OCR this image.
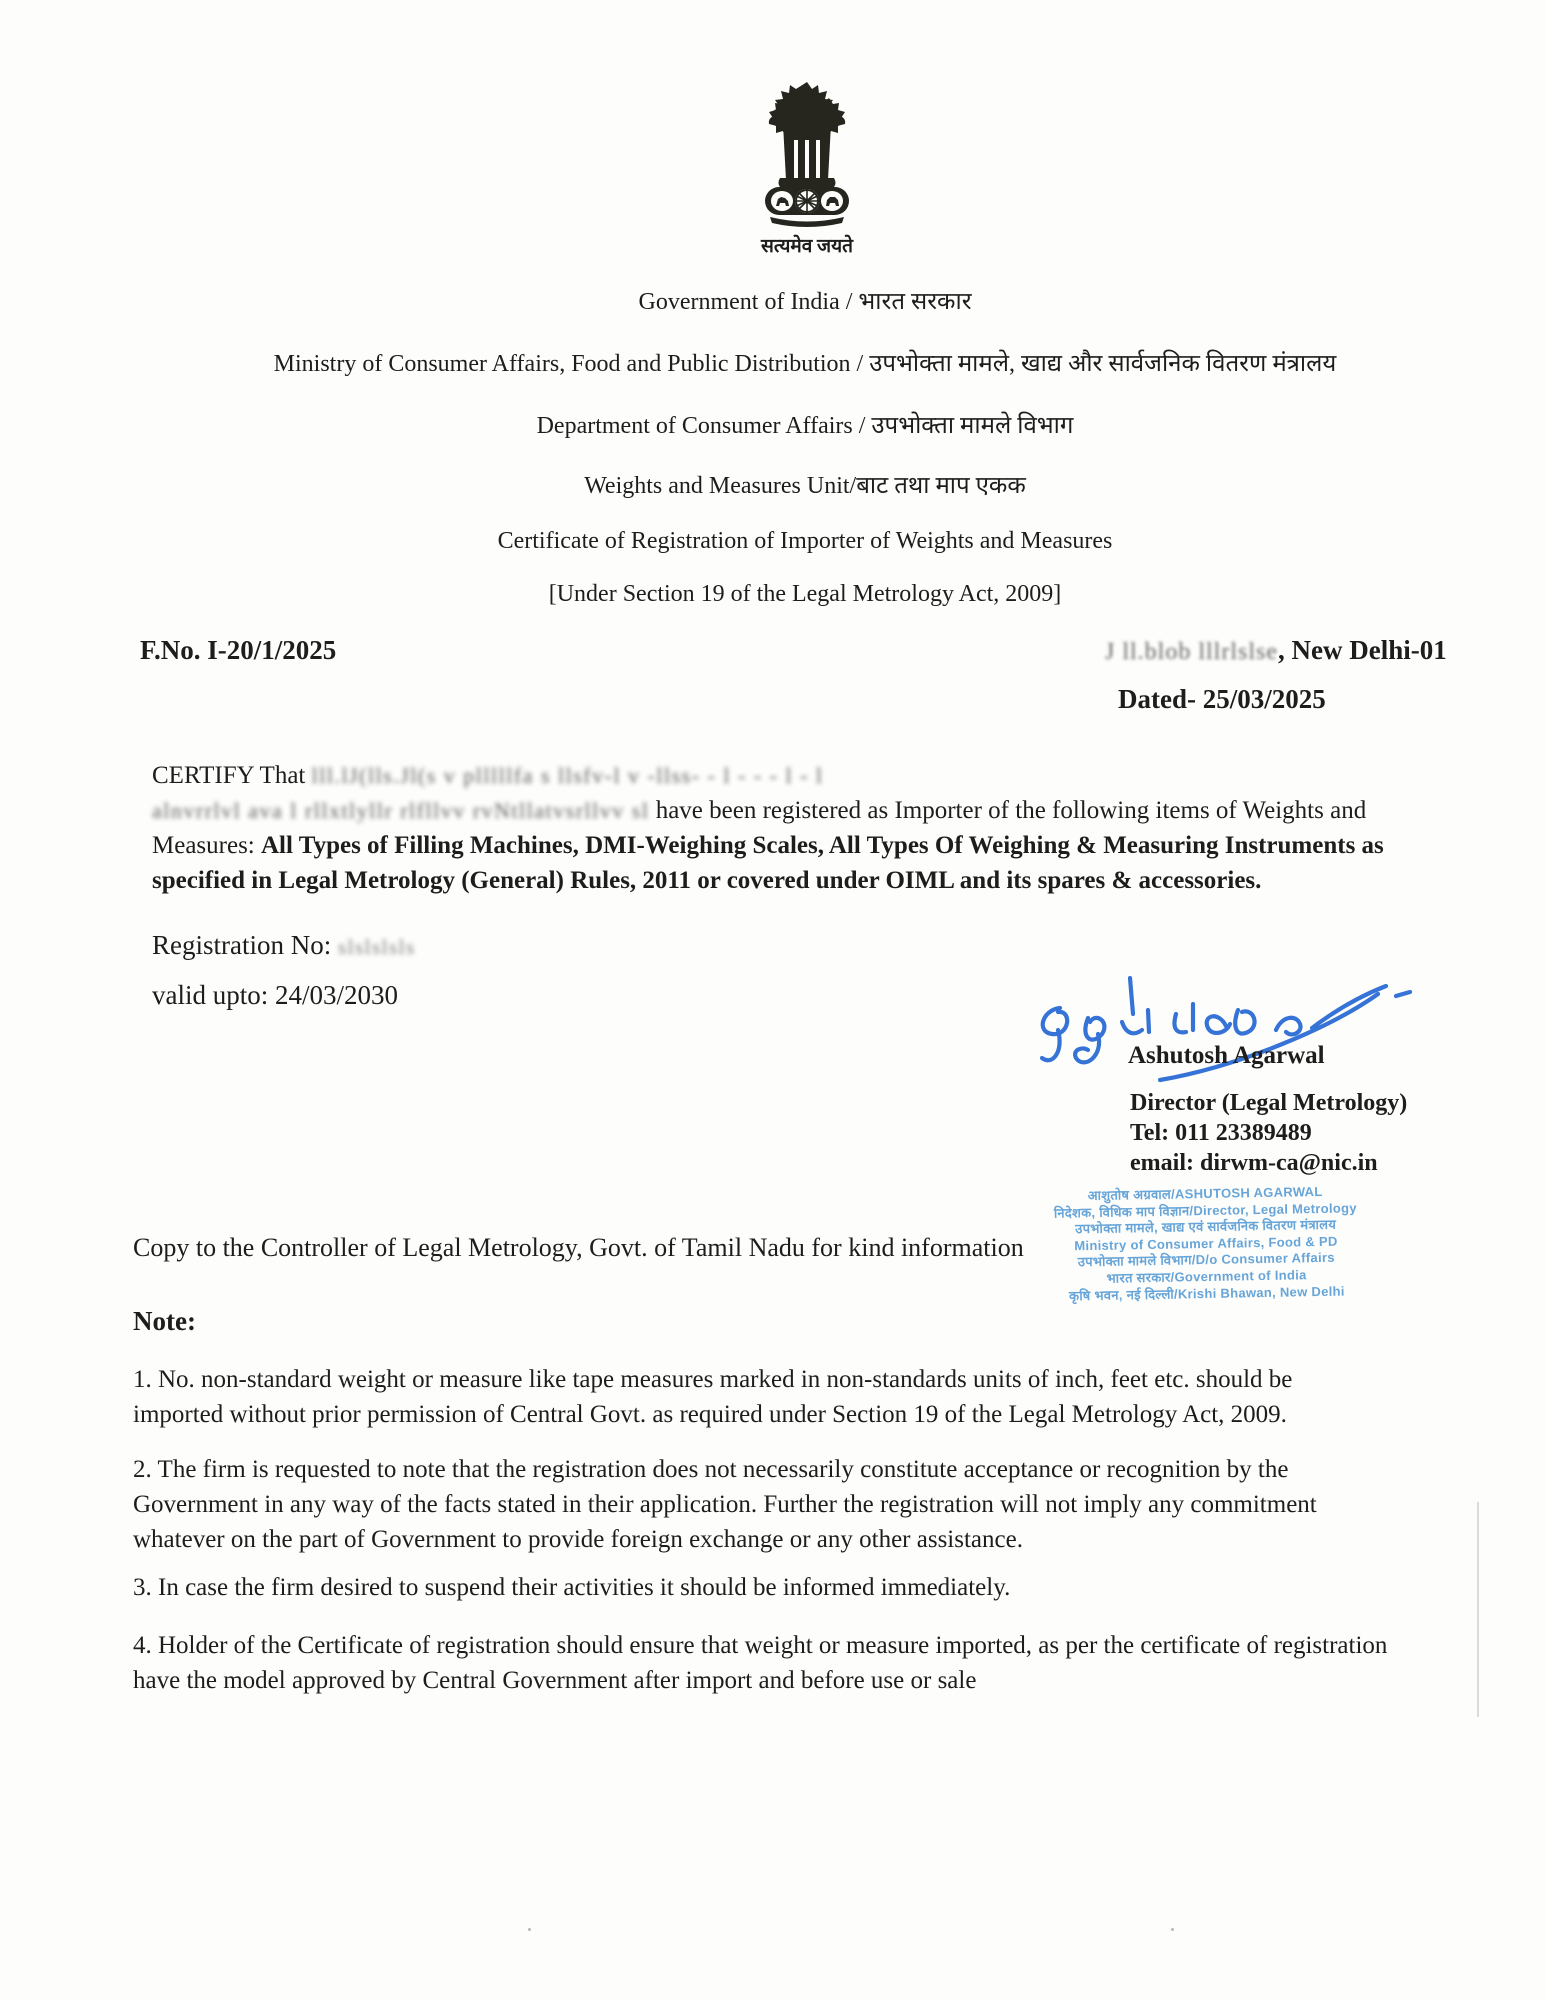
सत्यमेव जयते
Government of India / भारत सरकार
Ministry of Consumer Affairs, Food and Public Distribution / उपभोक्ता मामले, खाद्य और सार्वजनिक वितरण मंत्रालय
Department of Consumer Affairs / उपभोक्ता मामले विभाग
Weights and Measures Unit/बाट तथा माप एकक
Certificate of Registration of Importer of Weights and Measures
[Under Section 19 of the Legal Metrology Act, 2009]
F.No. I-20/1/2025	J ll.blob lllrlslse, New Delhi-01
Dated- 25/03/2025
CERTIFY That lll.lJ(lls.Jl(s v plllllfa s llsfv-l v -llss- - l - - - l - l
alnvrrlvl ava l rllxtlyllr rlfllvv rvNtllatvsrllvv sl have been registered as Importer of the following items of Weights and
Measures: All Types of Filling Machines, DMI-Weighing Scales, All Types Of Weighing & Measuring Instruments as
specified in Legal Metrology (General) Rules, 2011 or covered under OIML and its spares & accessories.
Registration No: slslslsls
valid upto: 24/03/2030
Ashutosh Agarwal
Director (Legal Metrology)
Tel: 011 23389489
email: dirwm-ca@nic.in
Copy to the Controller of Legal Metrology, Govt. of Tamil Nadu for kind information
आशुतोष अग्रवाल/ASHUTOSH AGARWAL
निदेशक, विधिक माप विज्ञान/Director, Legal Metrology
उपभोक्ता मामले, खाद्य एवं सार्वजनिक वितरण मंत्रालय
Ministry of Consumer Affairs, Food & PD
उपभोक्ता मामले विभाग/D/o Consumer Affairs
भारत सरकार/Government of India
कृषि भवन, नई दिल्ली/Krishi Bhawan, New Delhi
Note:
1. No. non-standard weight or measure like tape measures marked in non-standards units of inch, feet etc. should be
imported without prior permission of Central Govt. as required under Section 19 of the Legal Metrology Act, 2009.
2. The firm is requested to note that the registration does not necessarily constitute acceptance or recognition by the
Government in any way of the facts stated in their application. Further the registration will not imply any commitment
whatever on the part of Government to provide foreign exchange or any other assistance.
3. In case the firm desired to suspend their activities it should be informed immediately.
4. Holder of the Certificate of registration should ensure that weight or measure imported, as per the certificate of registration
have the model approved by Central Government after import and before use or sale
